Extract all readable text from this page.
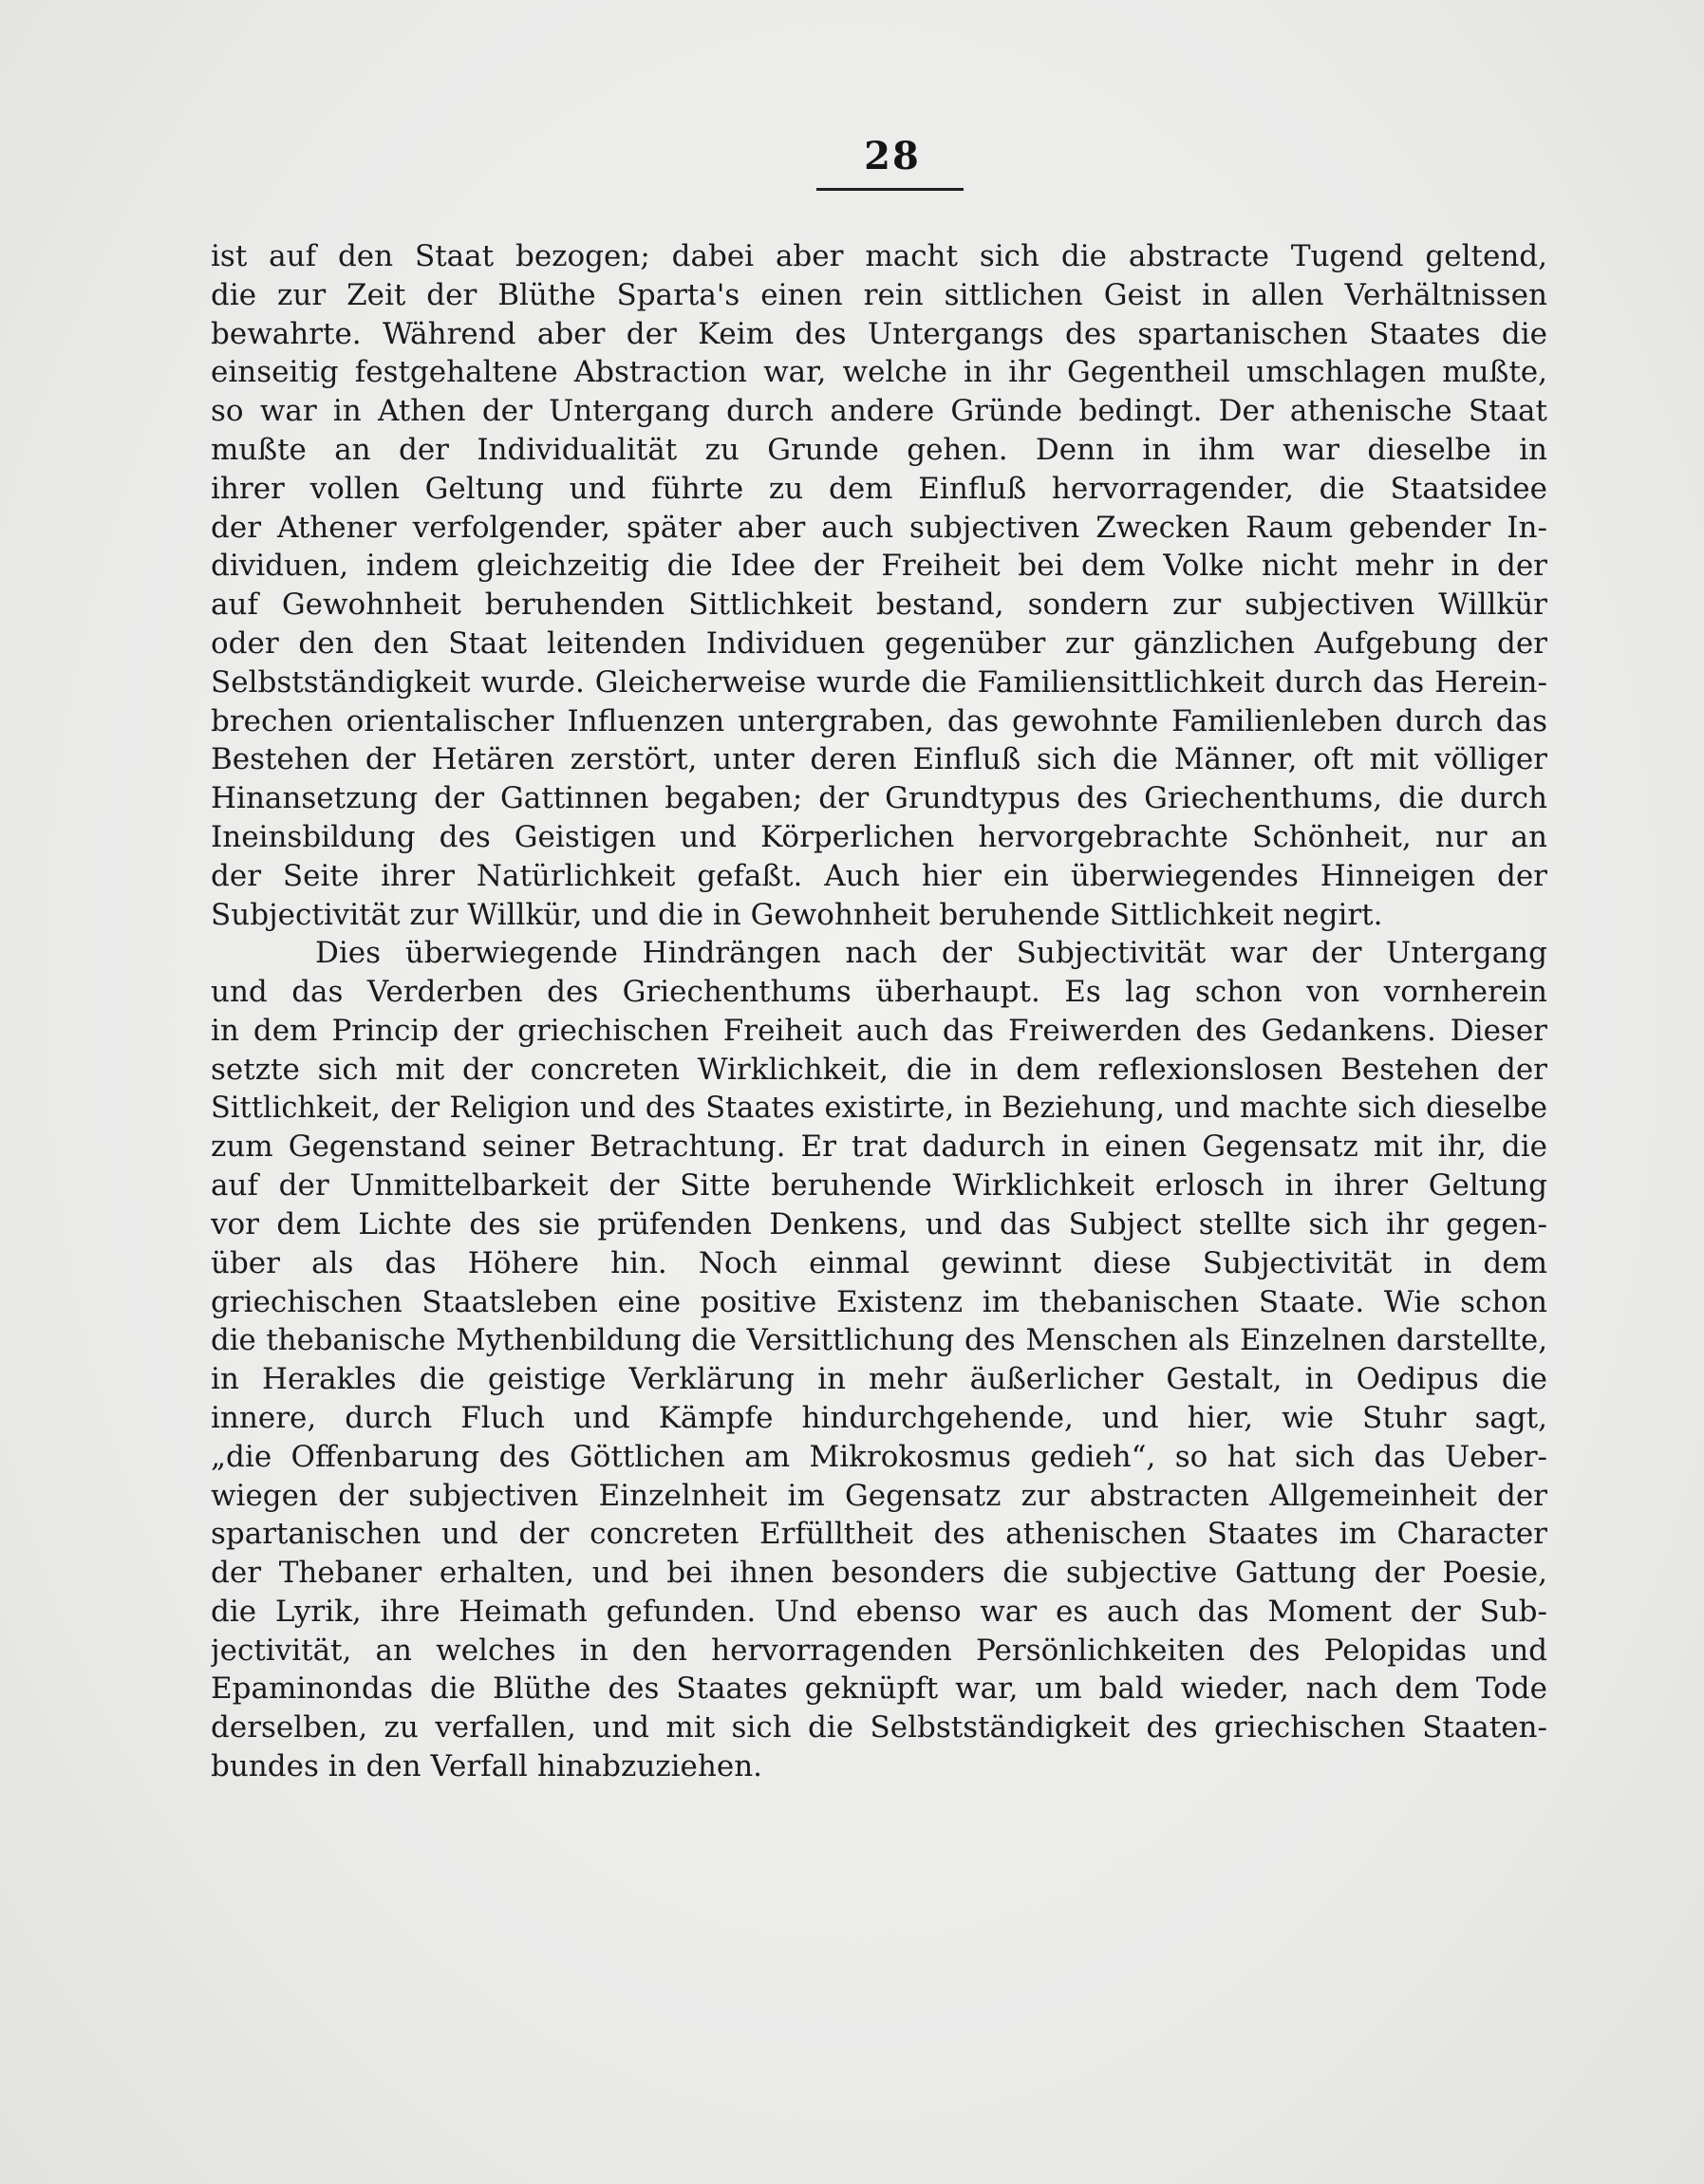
28
ist auf den Staat bezogen; dabei aber macht sich die abstracte Tugend geltend,
die zur Zeit der Blüthe Sparta's einen rein sittlichen Geist in allen Verhältnissen
bewahrte. Während aber der Keim des Untergangs des spartanischen Staates die
einseitig festgehaltene Abstraction war, welche in ihr Gegentheil umschlagen mußte,
so war in Athen der Untergang durch andere Gründe bedingt. Der athenische Staat
mußte an der Individualität zu Grunde gehen. Denn in ihm war dieselbe in
ihrer vollen Geltung und führte zu dem Einfluß hervorragender, die Staatsidee
der Athener verfolgender, später aber auch subjectiven Zwecken Raum gebender In-
dividuen, indem gleichzeitig die Idee der Freiheit bei dem Volke nicht mehr in der
auf Gewohnheit beruhenden Sittlichkeit bestand, sondern zur subjectiven Willkür
oder den den Staat leitenden Individuen gegenüber zur gänzlichen Aufgebung der
Selbstständigkeit wurde. Gleicherweise wurde die Familiensittlichkeit durch das Herein-
brechen orientalischer Influenzen untergraben, das gewohnte Familienleben durch das
Bestehen der Hetären zerstört, unter deren Einfluß sich die Männer, oft mit völliger
Hinansetzung der Gattinnen begaben; der Grundtypus des Griechenthums, die durch
Ineinsbildung des Geistigen und Körperlichen hervorgebrachte Schönheit, nur an
der Seite ihrer Natürlichkeit gefaßt. Auch hier ein überwiegendes Hinneigen der
Subjectivität zur Willkür, und die in Gewohnheit beruhende Sittlichkeit negirt.
Dies überwiegende Hindrängen nach der Subjectivität war der Untergang
und das Verderben des Griechenthums überhaupt. Es lag schon von vornherein
in dem Princip der griechischen Freiheit auch das Freiwerden des Gedankens. Dieser
setzte sich mit der concreten Wirklichkeit, die in dem reflexionslosen Bestehen der
Sittlichkeit, der Religion und des Staates existirte, in Beziehung, und machte sich dieselbe
zum Gegenstand seiner Betrachtung. Er trat dadurch in einen Gegensatz mit ihr, die
auf der Unmittelbarkeit der Sitte beruhende Wirklichkeit erlosch in ihrer Geltung
vor dem Lichte des sie prüfenden Denkens, und das Subject stellte sich ihr gegen-
über als das Höhere hin. Noch einmal gewinnt diese Subjectivität in dem
griechischen Staatsleben eine positive Existenz im thebanischen Staate. Wie schon
die thebanische Mythenbildung die Versittlichung des Menschen als Einzelnen darstellte,
in Herakles die geistige Verklärung in mehr äußerlicher Gestalt, in Oedipus die
innere, durch Fluch und Kämpfe hindurchgehende, und hier, wie Stuhr sagt,
„die Offenbarung des Göttlichen am Mikrokosmus gedieh“, so hat sich das Ueber-
wiegen der subjectiven Einzelnheit im Gegensatz zur abstracten Allgemeinheit der
spartanischen und der concreten Erfülltheit des athenischen Staates im Character
der Thebaner erhalten, und bei ihnen besonders die subjective Gattung der Poesie,
die Lyrik, ihre Heimath gefunden. Und ebenso war es auch das Moment der Sub-
jectivität, an welches in den hervorragenden Persönlichkeiten des Pelopidas und
Epaminondas die Blüthe des Staates geknüpft war, um bald wieder, nach dem Tode
derselben, zu verfallen, und mit sich die Selbstständigkeit des griechischen Staaten-
bundes in den Verfall hinabzuziehen.
